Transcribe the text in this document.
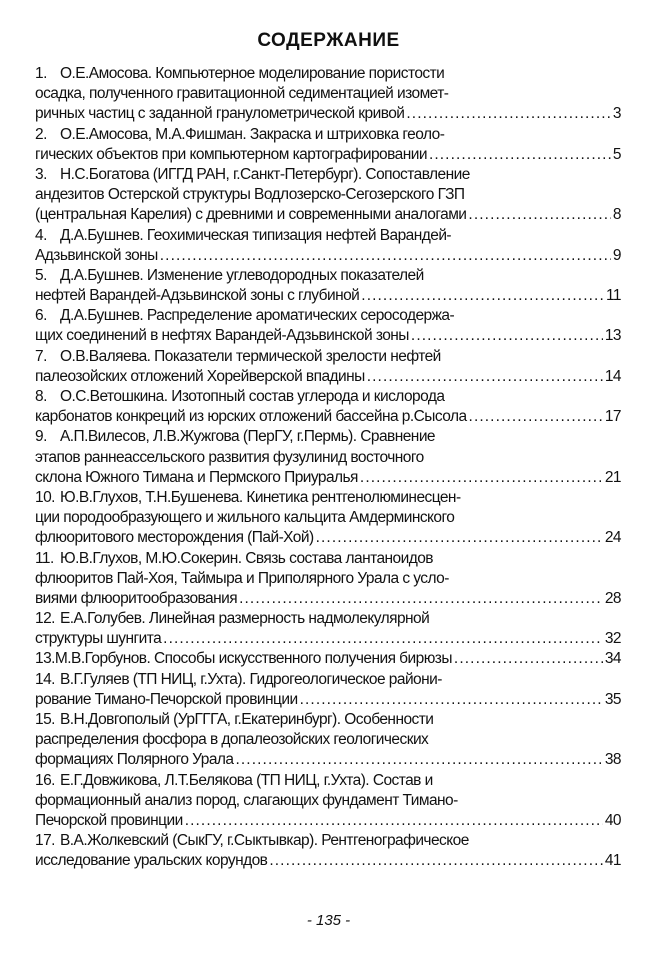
СОДЕРЖАНИЕ
1. О.Е.Амосова. Компьютерное моделирование пористости
осадка, полученного гравитационной седиментацией изомет-
ричных частиц с заданной гранулометрической кривой . . .	3
2. О.Е.Амосова, М.А.Фишман. Закраска и штриховка геоло-
гических объектов при компьютерном картографировании . . .	5
3. Н.С.Богатова (ИГГД РАН, г.Санкт-Петербург). Сопоставление
андезитов Остерской структуры Водлозерско-Сегозерского ГЗП
(центральная Карелия) с древними и современными аналогами . . .	8
4. Д.А.Бушнев. Геохимическая типизация нефтей Варандей-
Адзьвинской зоны . . .	9
5. Д.А.Бушнев. Изменение углеводородных показателей
нефтей Варандей-Адзьвинской зоны с глубиной . . .	11
6. Д.А.Бушнев. Распределение ароматических серосодержа-
щих соединений в нефтях Варандей-Адзьвинской зоны . . .	13
7. О.В.Валяева. Показатели термической зрелости нефтей
палеозойских отложений Хорейверской впадины . . .	14
8. О.С.Ветошкина. Изотопный состав углерода и кислорода
карбонатов конкреций из юрских отложений бассейна р.Сысола . . .	17
9. А.П.Вилесов, Л.В.Жужгова (ПерГУ, г.Пермь). Сравнение
этапов раннеассельского развития фузулинид восточного
склона Южного Тимана и Пермского Приуралья . . .	21
10. Ю.В.Глухов, Т.Н.Бушенева. Кинетика рентгенолюминесцен-
ции породообразующего и жильного кальцита Амдерминского
флюоритового месторождения (Пай-Хой) . . .	24
11. Ю.В.Глухов, М.Ю.Сокерин. Связь состава лантаноидов
флюоритов Пай-Хоя, Таймыра и Приполярного Урала с усло-
виями флюоритообразования . . .	28
12. Е.А.Голубев. Линейная размерность надмолекулярной
структуры шунгита . . .	32
13. М.В.Горбунов. Способы искусственного получения бирюзы . . .	34
14. В.Г.Гуляев (ТП НИЦ, г.Ухта). Гидрогеологическое райони-
рование Тимано-Печорской провинции . . .	35
15. В.Н.Довгополый (УрГГГА, г.Екатеринбург). Особенности
распределения фосфора в допалеозойских геологических
формациях Полярного Урала . . .	38
16. Е.Г.Довжикова, Л.Т.Белякова (ТП НИЦ, г.Ухта). Состав и
формационный анализ пород, слагающих фундамент Тимано-
Печорской провинции . . .	40
17. В.А.Жолкевский (СыкГУ, г.Сыктывкар). Рентгенографическое
исследование уральских корундов . . .	41
- 135 -
